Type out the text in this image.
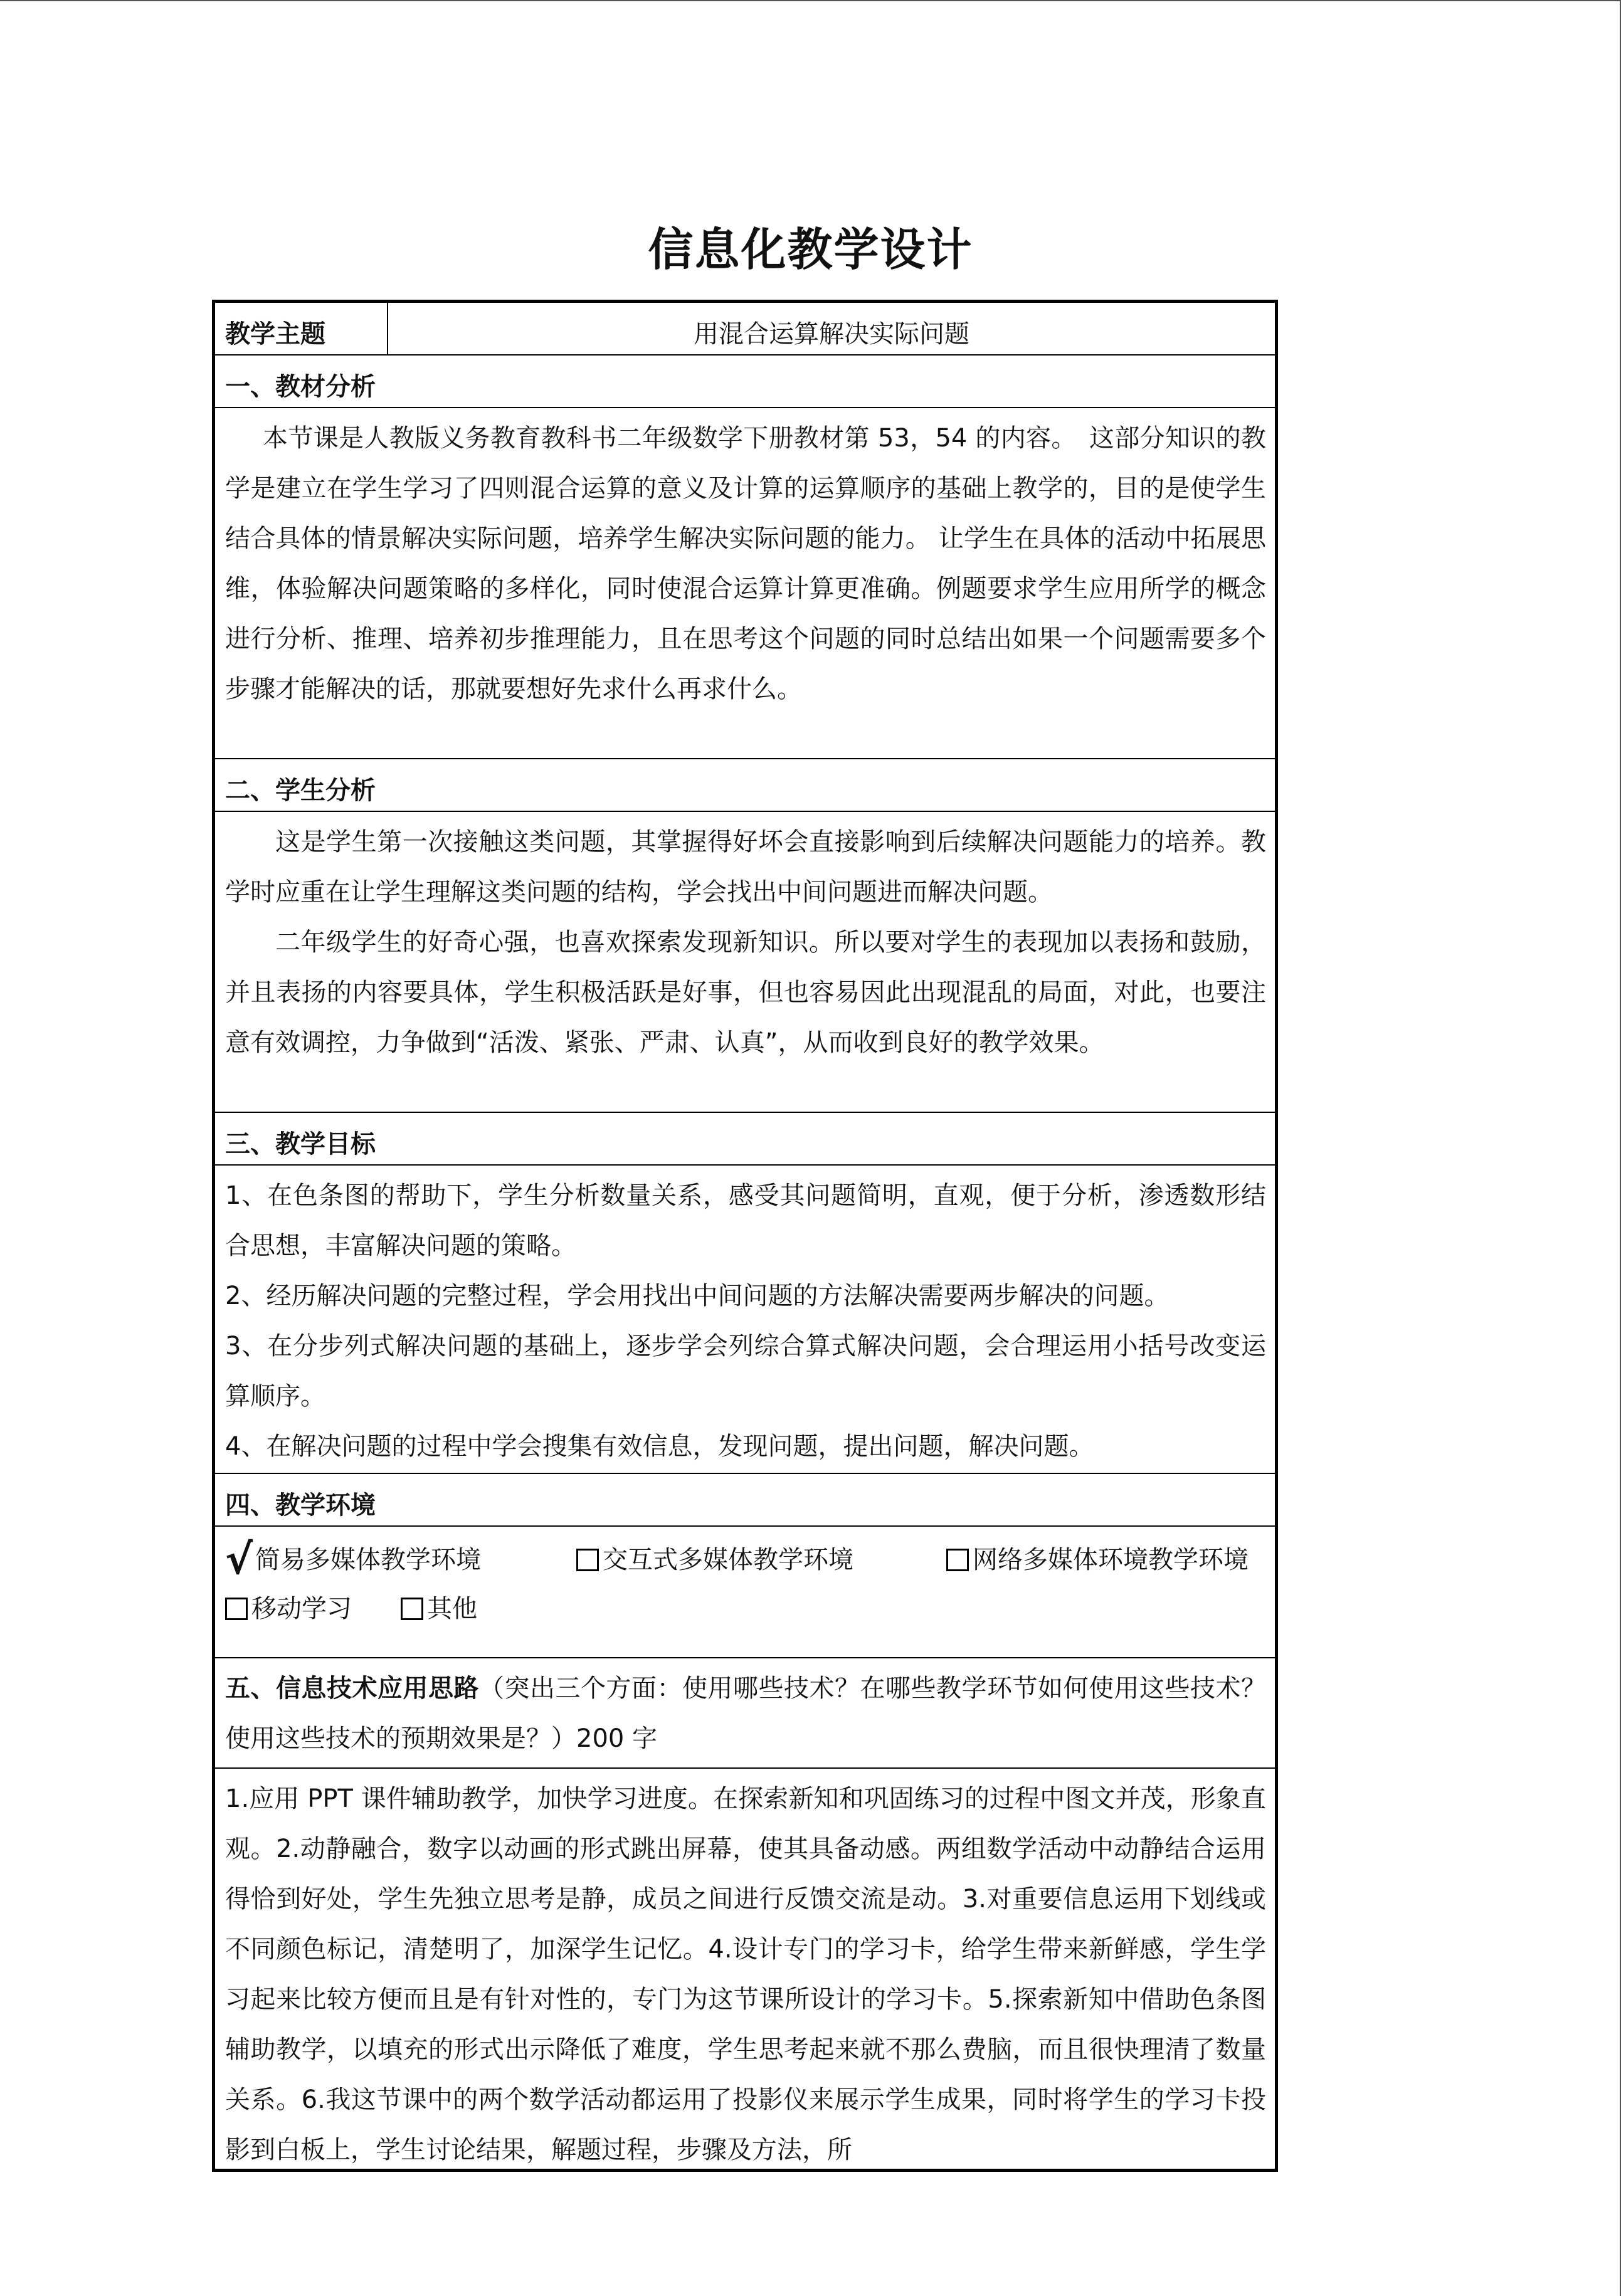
信息化教学设计
教学主题	用混合运算解决实际问题
一、教材分析

本节课是人教版义务教育教科书二年级数学下册教材第 53，54 的内容。　这部分知识的教学是建立在学生学习了四则混合运算的意义及计算的运算顺序的基础上教学的，目的是使学生结合具体的情景解决实际问题，培养学生解决实际问题的能力。 让学生在具体的活动中拓展思维，体验解决问题策略的多样化，同时使混合运算计算更准确。例题要求学生应用所学的概念进行分析、推理、培养初步推理能力，且在思考这个问题的同时总结出如果一个问题需要多个步骤才能解决的话，那就要想好先求什么再求什么。

二、学生分析

这是学生第一次接触这类问题，其掌握得好坏会直接影响到后续解决问题能力的培养。教学时应重在让学生理解这类问题的结构，学会找出中间问题进而解决问题。

二年级学生的好奇心强，也喜欢探索发现新知识。所以要对学生的表现加以表扬和鼓励，并且表扬的内容要具体，学生积极活跃是好事，但也容易因此出现混乱的局面，对此，也要注意有效调控，力争做到“活泼、紧张、严肃、认真”，从而收到良好的教学效果。

三、教学目标

1、在色条图的帮助下，学生分析数量关系，感受其问题简明，直观，便于分析，渗透数形结合思想，丰富解决问题的策略。

2、经历解决问题的完整过程，学会用找出中间问题的方法解决需要两步解决的问题。

3、在分步列式解决问题的基础上，逐步学会列综合算式解决问题，会合理运用小括号改变运算顺序。

4、在解决问题的过程中学会搜集有效信息，发现问题，提出问题，解决问题。

四、教学环境
√ 简易多媒体教学环境	交互式多媒体教学环境	网络多媒体环境教学环境
移动学习	其他
五、信息技术应用思路（突出三个方面：使用哪些技术？在哪些教学环节如何使用这些技术？使用这些技术的预期效果是？）200 字

1.应用 PPT 课件辅助教学，加快学习进度。在探索新知和巩固练习的过程中图文并茂，形象直观。2.动静融合，数字以动画的形式跳出屏幕，使其具备动感。两组数学活动中动静结合运用得恰到好处，学生先独立思考是静，成员之间进行反馈交流是动。3.对重要信息运用下划线或不同颜色标记，清楚明了，加深学生记忆。4.设计专门的学习卡，给学生带来新鲜感，学生学习起来比较方便而且是有针对性的，专门为这节课所设计的学习卡。5.探索新知中借助色条图辅助教学，以填充的形式出示降低了难度，学生思考起来就不那么费脑，而且很快理清了数量关系。6.我这节课中的两个数学活动都运用了投影仪来展示学生成果，同时将学生的学习卡投影到白板上，学生讨论结果，解题过程，步骤及方法，所
